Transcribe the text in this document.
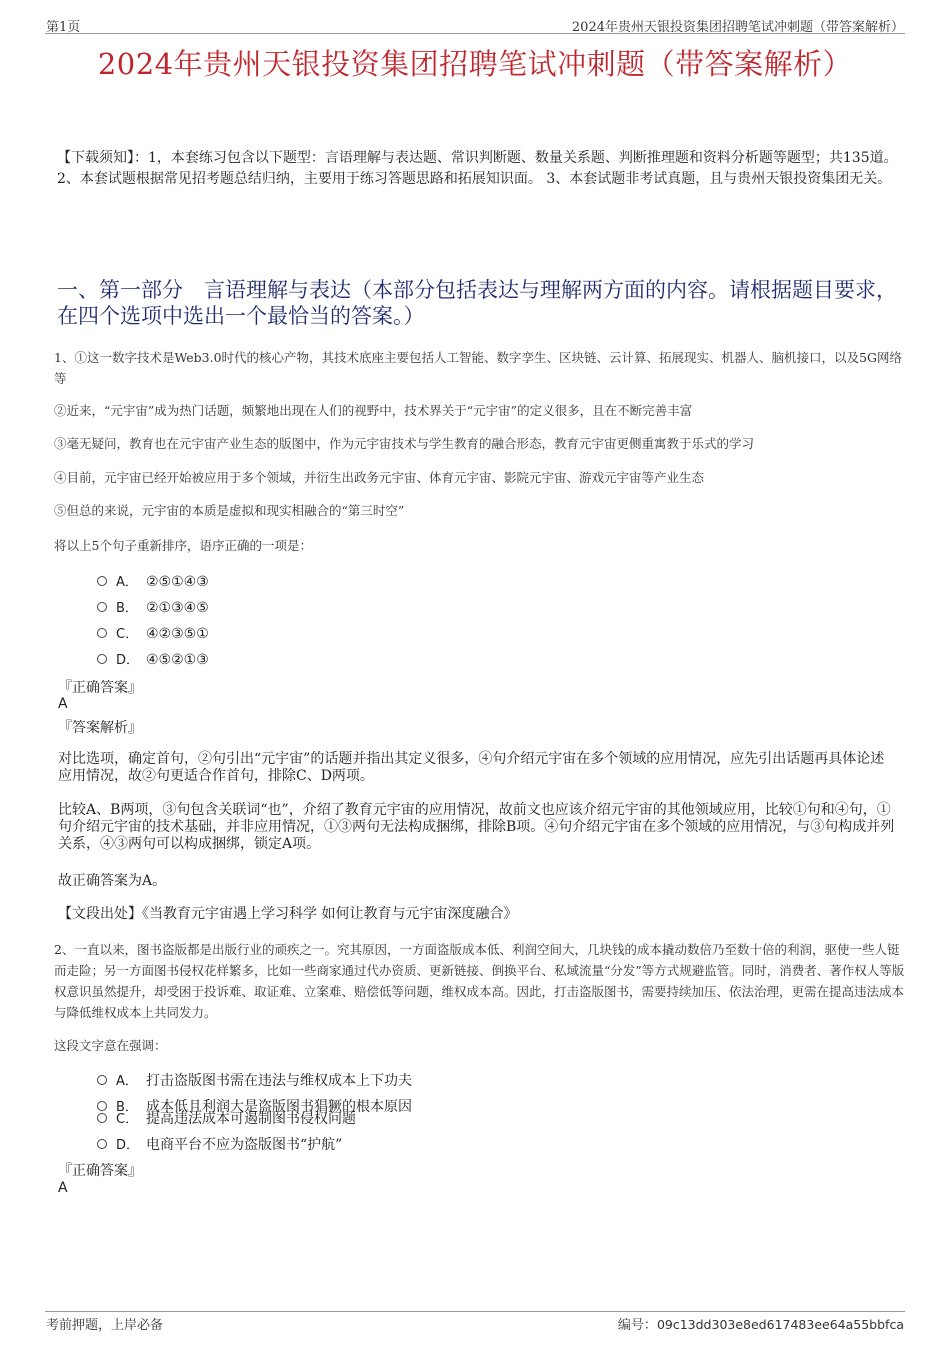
第1页	2024年贵州天银投资集团招聘笔试冲刺题（带答案解析）
2024年贵州天银投资集团招聘笔试冲刺题（带答案解析）
【下载须知】：1，本套练习包含以下题型：言语理解与表达题、常识判断题、数量关系题、判断推理题和资料分析题等题型；共135道。 2、本套试题根据常见招考题总结归纳，主要用于练习答题思路和拓展知识面。 3、本套试题非考试真题，且与贵州天银投资集团无关。
一、第一部分　言语理解与表达（本部分包括表达与理解两方面的内容。请根据题目要求，在四个选项中选出一个最恰当的答案。）
1、①这一数字技术是Web3.0时代的核心产物，其技术底座主要包括人工智能、数字孪生、区块链、云计算、拓展现实、机器人、脑机接口，以及5G网络等
②近来，“元宇宙”成为热门话题，频繁地出现在人们的视野中，技术界关于“元宇宙”的定义很多，且在不断完善丰富
③毫无疑问，教育也在元宇宙产业生态的版图中，作为元宇宙技术与学生教育的融合形态，教育元宇宙更侧重寓教于乐式的学习
④目前，元宇宙已经开始被应用于多个领域，并衍生出政务元宇宙、体育元宇宙、影院元宇宙、游戏元宇宙等产业生态
⑤但总的来说，元宇宙的本质是虚拟和现实相融合的“第三时空”
将以上5个句子重新排序，语序正确的一项是：
A． ②⑤①④③
B． ②①③④⑤
C． ④②③⑤①
D． ④⑤②①③
『正确答案』
A
『答案解析』
对比选项，确定首句，②句引出“元宇宙”的话题并指出其定义很多，④句介绍元宇宙在多个领域的应用情况，应先引出话题再具体论述应用情况，故②句更适合作首句，排除C、D两项。
比较A、B两项，③句包含关联词“也”，介绍了教育元宇宙的应用情况，故前文也应该介绍元宇宙的其他领域应用，比较①句和④句，①句介绍元宇宙的技术基础，并非应用情况，①③两句无法构成捆绑，排除B项。④句介绍元宇宙在多个领域的应用情况，与③句构成并列关系，④③两句可以构成捆绑，锁定A项。
故正确答案为A。
【文段出处】《当教育元宇宙遇上学习科学 如何让教育与元宇宙深度融合》
2、一直以来，图书盗版都是出版行业的顽疾之一。究其原因，一方面盗版成本低、利润空间大，几块钱的成本撬动数倍乃至数十倍的利润，驱使一些人铤而走险；另一方面图书侵权花样繁多，比如一些商家通过代办资质、更新链接、倒换平台、私域流量“分发”等方式规避监管。同时，消费者、著作权人等版权意识虽然提升，却受困于投诉难、取证难、立案难、赔偿低等问题，维权成本高。因此，打击盗版图书，需要持续加压、依法治理，更需在提高违法成本与降低维权成本上共同发力。
这段文字意在强调：
A． 打击盗版图书需在违法与维权成本上下功夫
B． 成本低且利润大是盗版图书猖獗的根本原因
C． 提高违法成本可遏制图书侵权问题
D． 电商平台不应为盗版图书“护航”
『正确答案』
A
考前押题，上岸必备	编号：09c13dd303e8ed617483ee64a55bbfca
